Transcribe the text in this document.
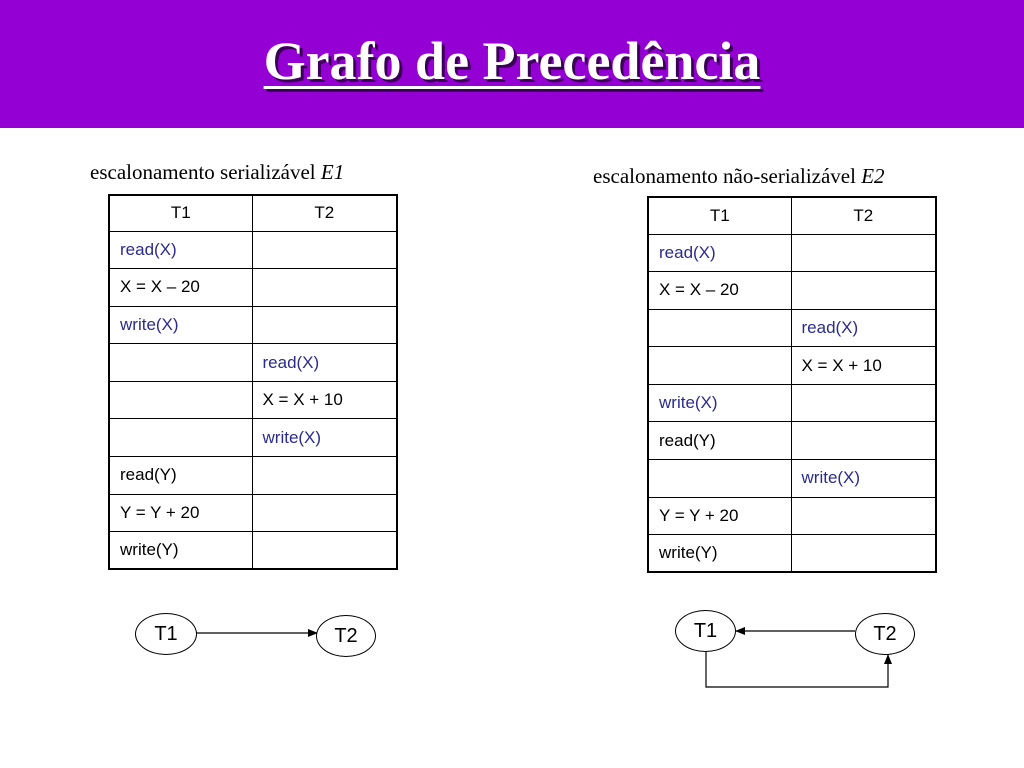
Grafo de Precedência
escalonamento serializável E1
T1	T2
read(X)	
X = X – 20	
write(X)	
	read(X)
	X = X + 10
	write(X)
read(Y)	
Y = Y + 20	
write(Y)	
escalonamento não-serializável E2
T1	T2
read(X)	
X = X – 20	
	read(X)
	X = X + 10
write(X)	
read(Y)	
	write(X)
Y = Y + 20	
write(Y)	
T1	T2	T1	T2
